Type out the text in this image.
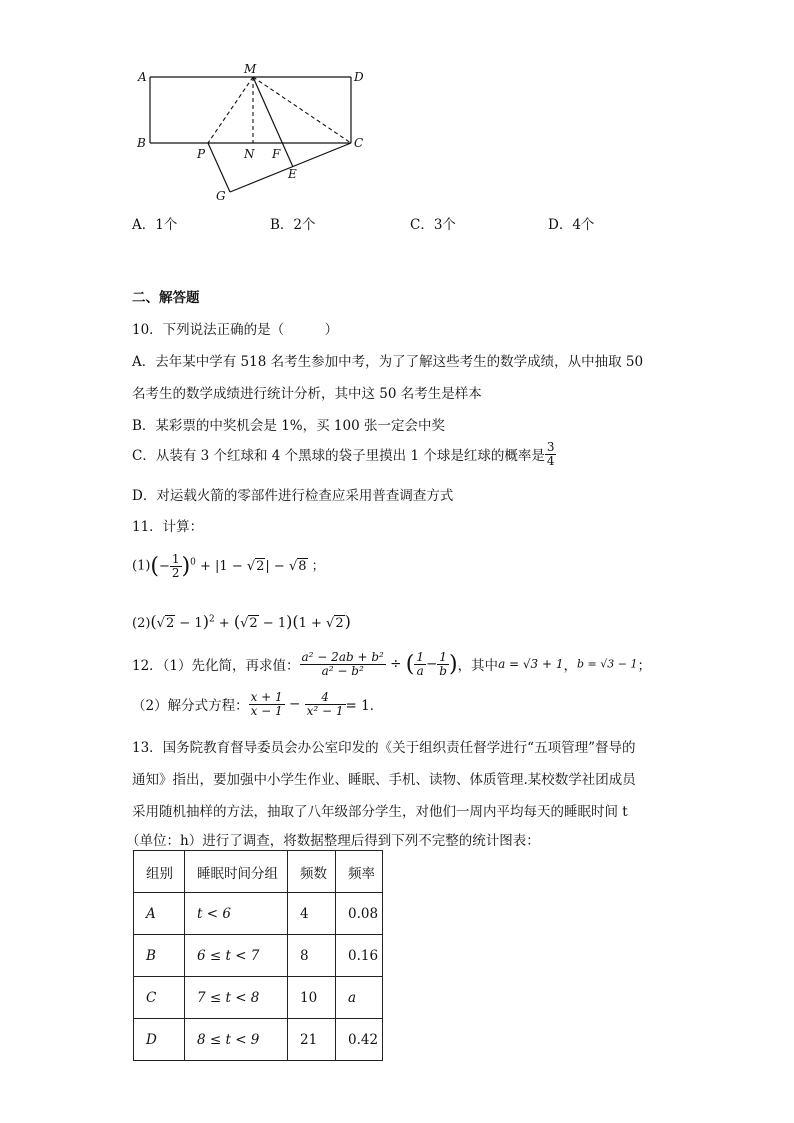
A
M
D
B
P	N F
C
E
G
A．1个	B．2个	C．3个	D．4个
二、解答题
10．下列说法正确的是（　　　）
A．去年某中学有 518 名考生参加中考，为了了解这些考生的数学成绩，从中抽取 50
名考生的数学成绩进行统计分析，其中这 50 名考生是样本
B．某彩票的中奖机会是 1%，买 100 张一定会中奖
C．从装有 3 个红球和 4 个黑球的袋子里摸出 1 个球是红球的概率是 $\frac{3}{4}$
D．对运载火箭的零部件进行检查应采用普查调查方式
11．计算：
$(1)(- \frac{1}{2} )^0 + |1 - √2| - √8$ ；
$(2)(√2 - 1)^2 + (√2 - 1)(1 + √2)$
12．（1）先化简，再求值： $\frac{\text{a² − 2ab + b²}}{\text{a² − b²}}$ ÷ ( $\frac{1}{a} - \frac{1}{b}$ )，其中a = √3 + 1，b = √3 − 1；
（2）解分式方程： $\frac{x + 1}{x - 1} - \frac{4}{\text{x² − 1}} = 1$．
13．国务院教育督导委员会办公室印发的《关于组织责任督学进行“五项管理”督导的
通知》指出，要加强中小学生作业、睡眠、手机、读物、体质管理.某校数学社团成员
采用随机抽样的方法，抽取了八年级部分学生，对他们一周内平均每天的睡眠时间 t
（单位：h）进行了调查，将数据整理后得到下列不完整的统计图表：
组别	睡眠时间分组	频数	频率
A	t < 6	4	0.08
B	6 ≤ t < 7	8	0.16
C	7 ≤ t < 8	10	a
D	8 ≤ t < 9	21	0.42
